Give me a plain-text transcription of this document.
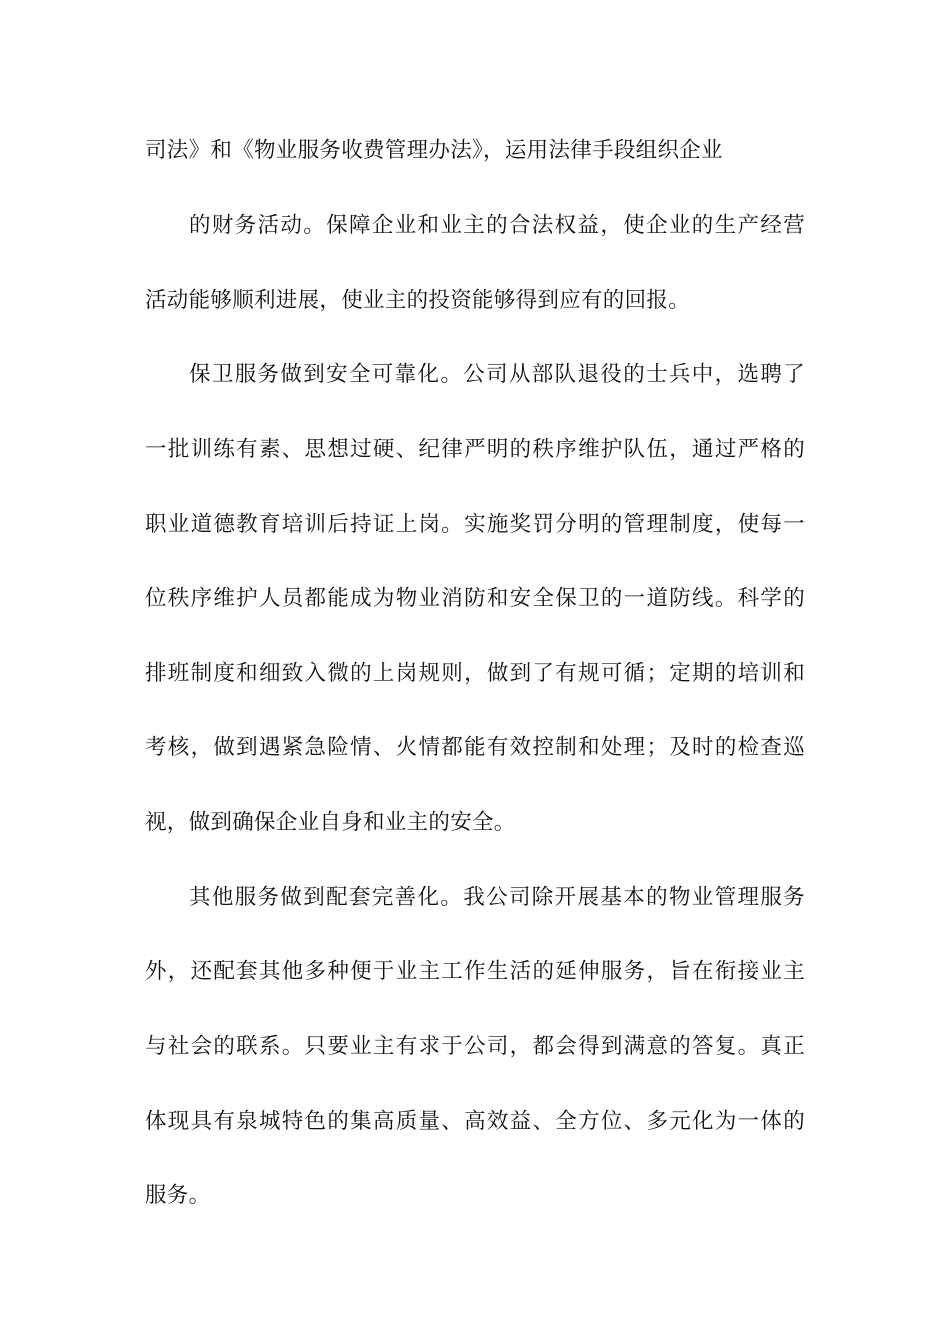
司法》和《物业服务收费管理办法》，运用法律手段组织企业
的财务活动。保障企业和业主的合法权益，使企业的生产经营
活动能够顺利进展，使业主的投资能够得到应有的回报。
保卫服务做到安全可靠化。公司从部队退役的士兵中，选聘了
一批训练有素、思想过硬、纪律严明的秩序维护队伍，通过严格的
职业道德教育培训后持证上岗。实施奖罚分明的管理制度，使每一
位秩序维护人员都能成为物业消防和安全保卫的一道防线。科学的
排班制度和细致入微的上岗规则，做到了有规可循；定期的培训和
考核，做到遇紧急险情、火情都能有效控制和处理；及时的检查巡
视，做到确保企业自身和业主的安全。
其他服务做到配套完善化。我公司除开展基本的物业管理服务
外，还配套其他多种便于业主工作生活的延伸服务，旨在衔接业主
与社会的联系。只要业主有求于公司，都会得到满意的答复。真正
体现具有泉城特色的集高质量、高效益、全方位、多元化为一体的
服务。
